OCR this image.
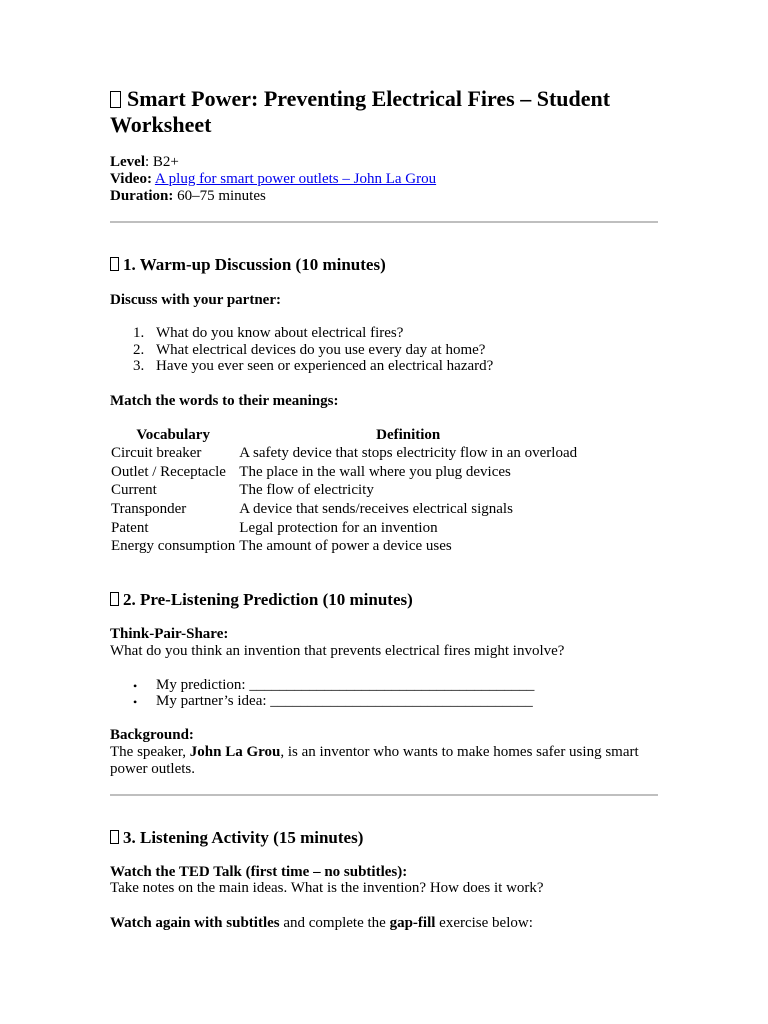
Smart Power: Preventing Electrical Fires – Student Worksheet
Level: B2+
Video: A plug for smart power outlets – John La Grou
Duration: 60–75 minutes
1. Warm-up Discussion (10 minutes)
Discuss with your partner:
1. What do you know about electrical fires?
2. What electrical devices do you use every day at home?
3. Have you ever seen or experienced an electrical hazard?
Match the words to their meanings:
Vocabulary	Definition
Circuit breaker	A safety device that stops electricity flow in an overload
Outlet / Receptacle	The place in the wall where you plug devices
Current	The flow of electricity
Transponder	A device that sends/receives electrical signals
Patent	Legal protection for an invention
Energy consumption	The amount of power a device uses
2. Pre-Listening Prediction (10 minutes)
Think-Pair-Share:
What do you think an invention that prevents electrical fires might involve?
• My prediction: ______________________________________
• My partner’s idea: ___________________________________
Background:
The speaker, John La Grou, is an inventor who wants to make homes safer using smart power outlets.
3. Listening Activity (15 minutes)
Watch the TED Talk (first time – no subtitles):
Take notes on the main ideas. What is the invention? How does it work?
Watch again with subtitles and complete the gap-fill exercise below:
